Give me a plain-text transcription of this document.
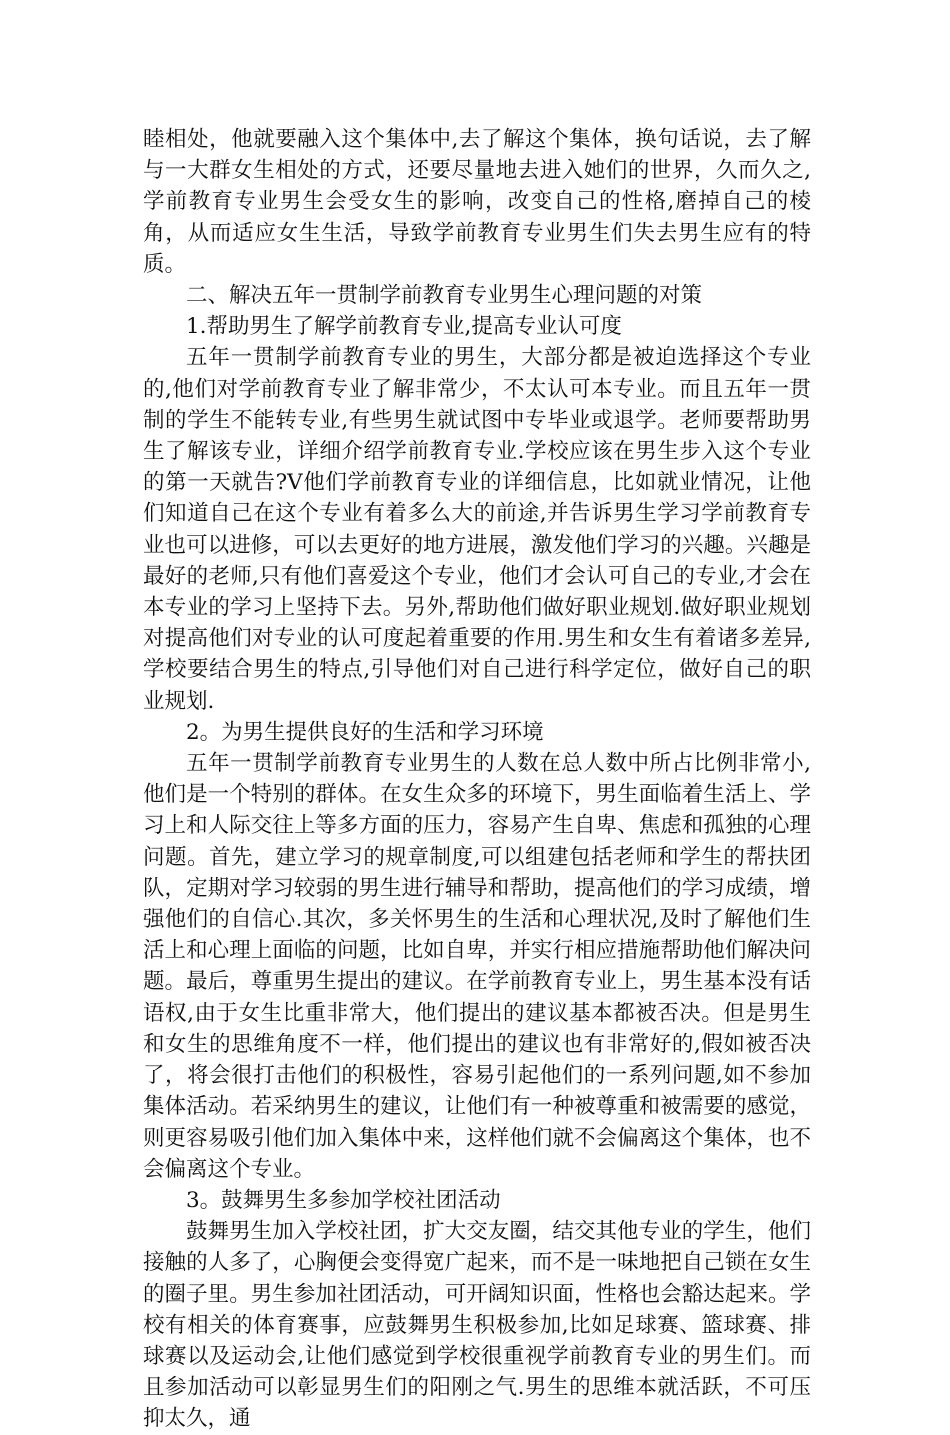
睦相处，他就要融入这个集体中,去了解这个集体，换句话说，去了解与一大群女生相处的方式，还要尽量地去进入她们的世界，久而久之,学前教育专业男生会受女生的影响，改变自己的性格,磨掉自己的棱角，从而适应女生生活，导致学前教育专业男生们失去男生应有的特质。

二、解决五年一贯制学前教育专业男生心理问题的对策

1.帮助男生了解学前教育专业,提高专业认可度

五年一贯制学前教育专业的男生，大部分都是被迫选择这个专业的,他们对学前教育专业了解非常少，不太认可本专业。而且五年一贯制的学生不能转专业,有些男生就试图中专毕业或退学。老师要帮助男生了解该专业，详细介绍学前教育专业.学校应该在男生步入这个专业的第一天就告?V他们学前教育专业的详细信息，比如就业情况，让他们知道自己在这个专业有着多么大的前途,并告诉男生学习学前教育专业也可以进修，可以去更好的地方进展，激发他们学习的兴趣。兴趣是最好的老师,只有他们喜爱这个专业，他们才会认可自己的专业,才会在本专业的学习上坚持下去。另外,帮助他们做好职业规划.做好职业规划对提高他们对专业的认可度起着重要的作用.男生和女生有着诸多差异,学校要结合男生的特点,引导他们对自己进行科学定位，做好自己的职业规划.

2。为男生提供良好的生活和学习环境

五年一贯制学前教育专业男生的人数在总人数中所占比例非常小,他们是一个特别的群体。在女生众多的环境下，男生面临着生活上、学习上和人际交往上等多方面的压力，容易产生自卑、焦虑和孤独的心理问题。首先，建立学习的规章制度,可以组建包括老师和学生的帮扶团队，定期对学习较弱的男生进行辅导和帮助，提高他们的学习成绩，增强他们的自信心.其次，多关怀男生的生活和心理状况,及时了解他们生活上和心理上面临的问题，比如自卑，并实行相应措施帮助他们解决问题。最后，尊重男生提出的建议。在学前教育专业上，男生基本没有话语权,由于女生比重非常大，他们提出的建议基本都被否决。但是男生和女生的思维角度不一样，他们提出的建议也有非常好的,假如被否决了，将会很打击他们的积极性，容易引起他们的一系列问题,如不参加集体活动。若采纳男生的建议，让他们有一种被尊重和被需要的感觉，则更容易吸引他们加入集体中来，这样他们就不会偏离这个集体，也不会偏离这个专业。

3。鼓舞男生多参加学校社团活动

鼓舞男生加入学校社团，扩大交友圈，结交其他专业的学生，他们接触的人多了，心胸便会变得宽广起来，而不是一味地把自己锁在女生的圈子里。男生参加社团活动，可开阔知识面，性格也会豁达起来。学校有相关的体育赛事，应鼓舞男生积极参加,比如足球赛、篮球赛、排球赛以及运动会,让他们感觉到学校很重视学前教育专业的男生们。而且参加活动可以彰显男生们的阳刚之气.男生的思维本就活跃，不可压抑太久，通
